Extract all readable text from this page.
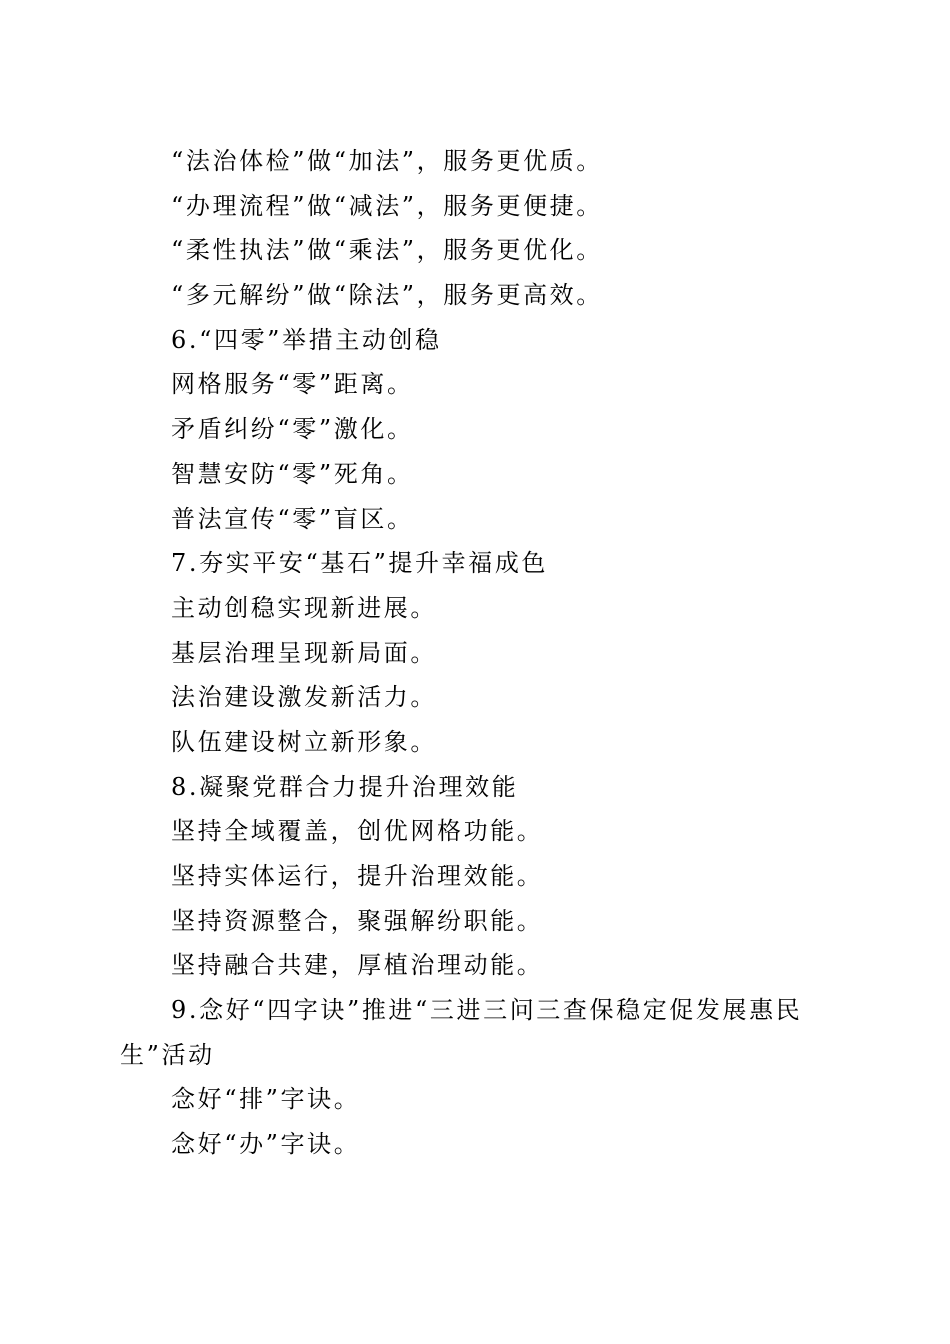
“法治体检”做“加法”，服务更优质。
“办理流程”做“减法”，服务更便捷。
“柔性执法”做“乘法”，服务更优化。
“多元解纷”做“除法”，服务更高效。
6.“四零”举措主动创稳
网格服务“零”距离。
矛盾纠纷“零”激化。
智慧安防“零”死角。
普法宣传“零”盲区。
7.夯实平安“基石”提升幸福成色
主动创稳实现新进展。
基层治理呈现新局面。
法治建设激发新活力。
队伍建设树立新形象。
8.凝聚党群合力提升治理效能
坚持全域覆盖，创优网格功能。
坚持实体运行，提升治理效能。
坚持资源整合，聚强解纷职能。
坚持融合共建，厚植治理动能。
9.念好“四字诀”推进“三进三问三查保稳定促发展惠民
生”活动
念好“排”字诀。
念好“办”字诀。
